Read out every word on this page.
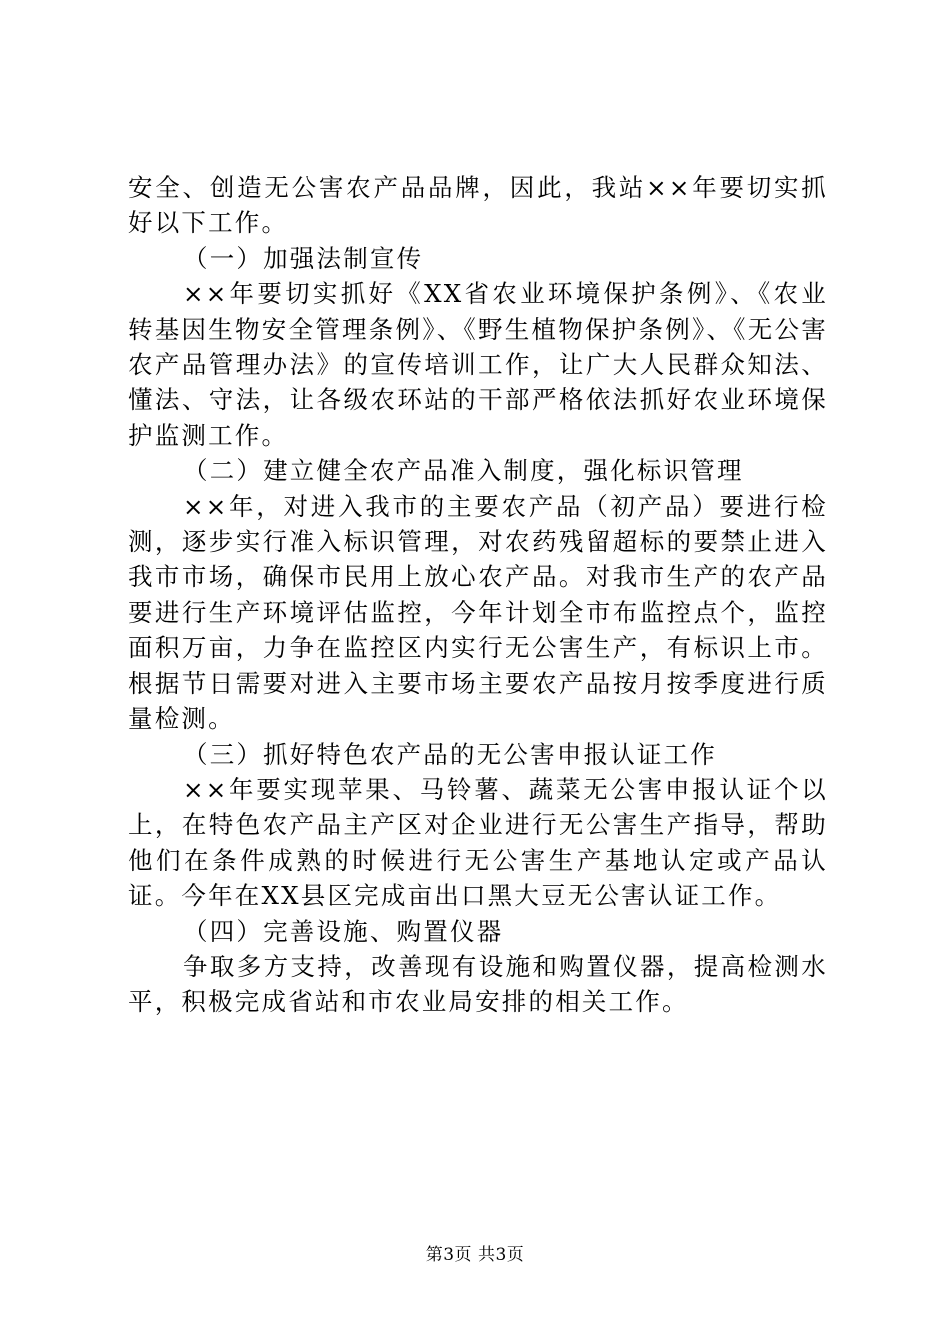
安全、创造无公害农产品品牌，因此，我站××年要切实抓好以下工作。

（一）加强法制宣传

××年要切实抓好《XX省农业环境保护条例》、《农业转基因生物安全管理条例》、《野生植物保护条例》、《无公害农产品管理办法》的宣传培训工作，让广大人民群众知法、懂法、守法，让各级农环站的干部严格依法抓好农业环境保护监测工作。

（二）建立健全农产品准入制度，强化标识管理

××年，对进入我市的主要农产品（初产品）要进行检测，逐步实行准入标识管理，对农药残留超标的要禁止进入我市市场，确保市民用上放心农产品。对我市生产的农产品要进行生产环境评估监控，今年计划全市布监控点个，监控面积万亩，力争在监控区内实行无公害生产，有标识上市。根据节日需要对进入主要市场主要农产品按月按季度进行质量检测。

（三）抓好特色农产品的无公害申报认证工作

××年要实现苹果、马铃薯、蔬菜无公害申报认证个以上，在特色农产品主产区对企业进行无公害生产指导，帮助他们在条件成熟的时候进行无公害生产基地认定或产品认证。今年在XX县区完成亩出口黑大豆无公害认证工作。

（四）完善设施、购置仪器

争取多方支持，改善现有设施和购置仪器，提高检测水平，积极完成省站和市农业局安排的相关工作。

第3页 共3页
